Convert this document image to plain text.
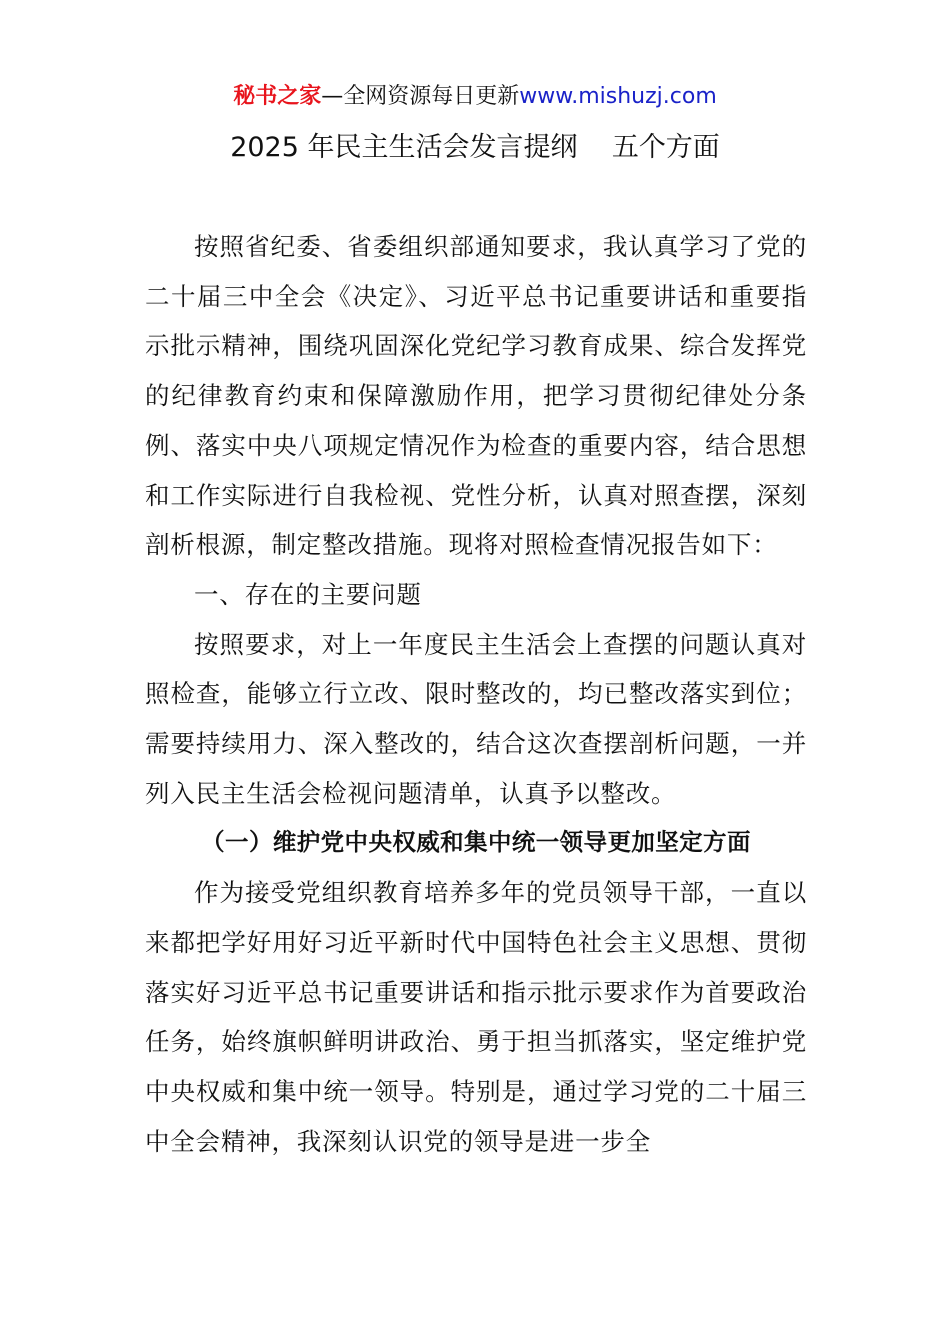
秘书之家—全网资源每日更新www.mishuzj.com
2025 年民主生活会发言提纲    五个方面

按照省纪委、省委组织部通知要求，我认真学习了党的二十届三中全会《决定》、习近平总书记重要讲话和重要指示批示精神，围绕巩固深化党纪学习教育成果、综合发挥党的纪律教育约束和保障激励作用，把学习贯彻纪律处分条例、落实中央八项规定情况作为检查的重要内容，结合思想和工作实际进行自我检视、党性分析，认真对照查摆，深刻剖析根源，制定整改措施。现将对照检查情况报告如下：

一、存在的主要问题

按照要求，对上一年度民主生活会上查摆的问题认真对照检查，能够立行立改、限时整改的，均已整改落实到位；需要持续用力、深入整改的，结合这次查摆剖析问题，一并列入民主生活会检视问题清单，认真予以整改。

（一）维护党中央权威和集中统一领导更加坚定方面

作为接受党组织教育培养多年的党员领导干部，一直以来都把学好用好习近平新时代中国特色社会主义思想、贯彻落实好习近平总书记重要讲话和指示批示要求作为首要政治任务，始终旗帜鲜明讲政治、勇于担当抓落实，坚定维护党中央权威和集中统一领导。特别是，通过学习党的二十届三中全会精神，我深刻认识党的领导是进一步全
